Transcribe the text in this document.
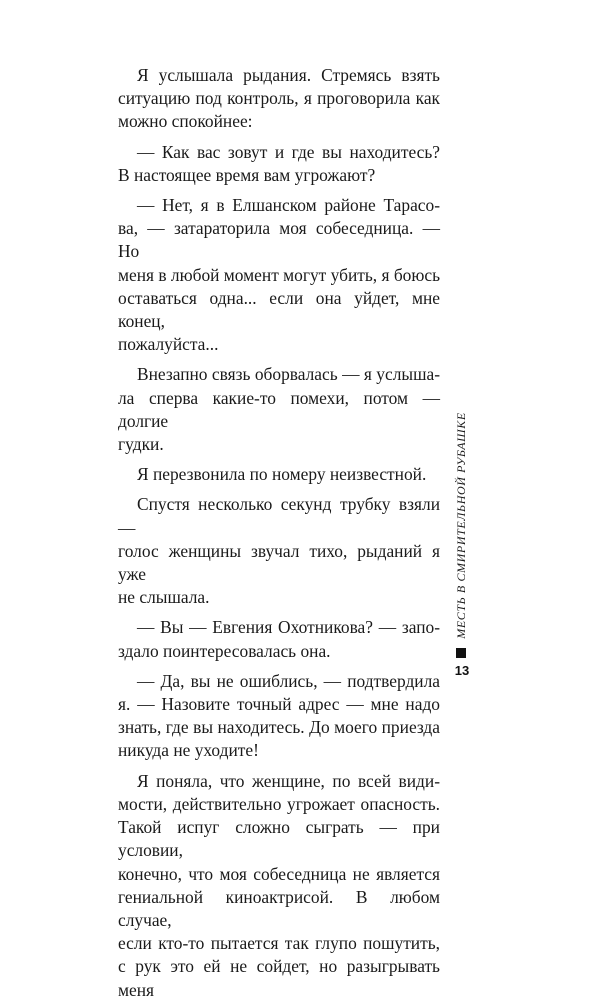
Я услышала рыдания. Стремясь взять
ситуацию под контроль, я проговорила как
можно спокойнее:
— Как вас зовут и где вы находитесь?
В настоящее время вам угрожают?
— Нет, я в Елшанском районе Тарасо-
ва, — затараторила моя собеседница. — Но
меня в любой момент могут убить, я боюсь
оставаться одна... если она уйдет, мне конец,
пожалуйста...
Внезапно связь оборвалась — я услыша-
ла сперва какие-то помехи, потом — долгие
гудки.
Я перезвонила по номеру неизвестной.
Спустя несколько секунд трубку взяли —
голос женщины звучал тихо, рыданий я уже
не слышала.
— Вы — Евгения Охотникова? — запо-
здало поинтересовалась она.
— Да, вы не ошиблись, — подтвердила
я. — Назовите точный адрес — мне надо
знать, где вы находитесь. До моего приезда
никуда не уходите!
Я поняла, что женщине, по всей види-
мости, действительно угрожает опасность.
Такой испуг сложно сыграть — при условии,
конечно, что моя собеседница не является
гениальной киноактрисой. В любом случае,
если кто-то пытается так глупо пошутить,
с рук это ей не сойдет, но разыгрывать меня
МЕСТЬ В СМИРИТЕЛЬНОЙ РУБАШКЕ
13
